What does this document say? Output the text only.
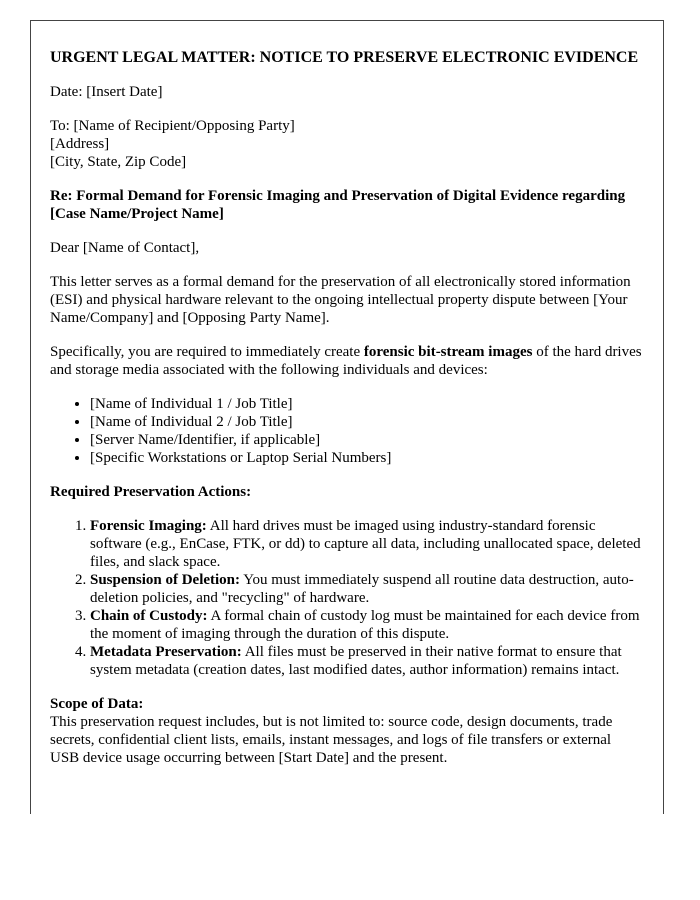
URGENT LEGAL MATTER: NOTICE TO PRESERVE ELECTRONIC EVIDENCE

Date: [Insert Date]

To: [Name of Recipient/Opposing Party]
[Address]
[City, State, Zip Code]

Re: Formal Demand for Forensic Imaging and Preservation of Digital Evidence regarding [Case Name/Project Name]

Dear [Name of Contact],

This letter serves as a formal demand for the preservation of all electronically stored information (ESI) and physical hardware relevant to the ongoing intellectual property dispute between [Your Name/Company] and [Opposing Party Name].

Specifically, you are required to immediately create forensic bit-stream images of the hard drives and storage media associated with the following individuals and devices:

• [Name of Individual 1 / Job Title]
• [Name of Individual 2 / Job Title]
• [Server Name/Identifier, if applicable]
• [Specific Workstations or Laptop Serial Numbers]

Required Preservation Actions:

1. Forensic Imaging: All hard drives must be imaged using industry-standard forensic software (e.g., EnCase, FTK, or dd) to capture all data, including unallocated space, deleted files, and slack space.
2. Suspension of Deletion: You must immediately suspend all routine data destruction, auto-deletion policies, and "recycling" of hardware.
3. Chain of Custody: A formal chain of custody log must be maintained for each device from the moment of imaging through the duration of this dispute.
4. Metadata Preservation: All files must be preserved in their native format to ensure that system metadata (creation dates, last modified dates, author information) remains intact.

Scope of Data:
This preservation request includes, but is not limited to: source code, design documents, trade secrets, confidential client lists, emails, instant messages, and logs of file transfers or external USB device usage occurring between [Start Date] and the present.
